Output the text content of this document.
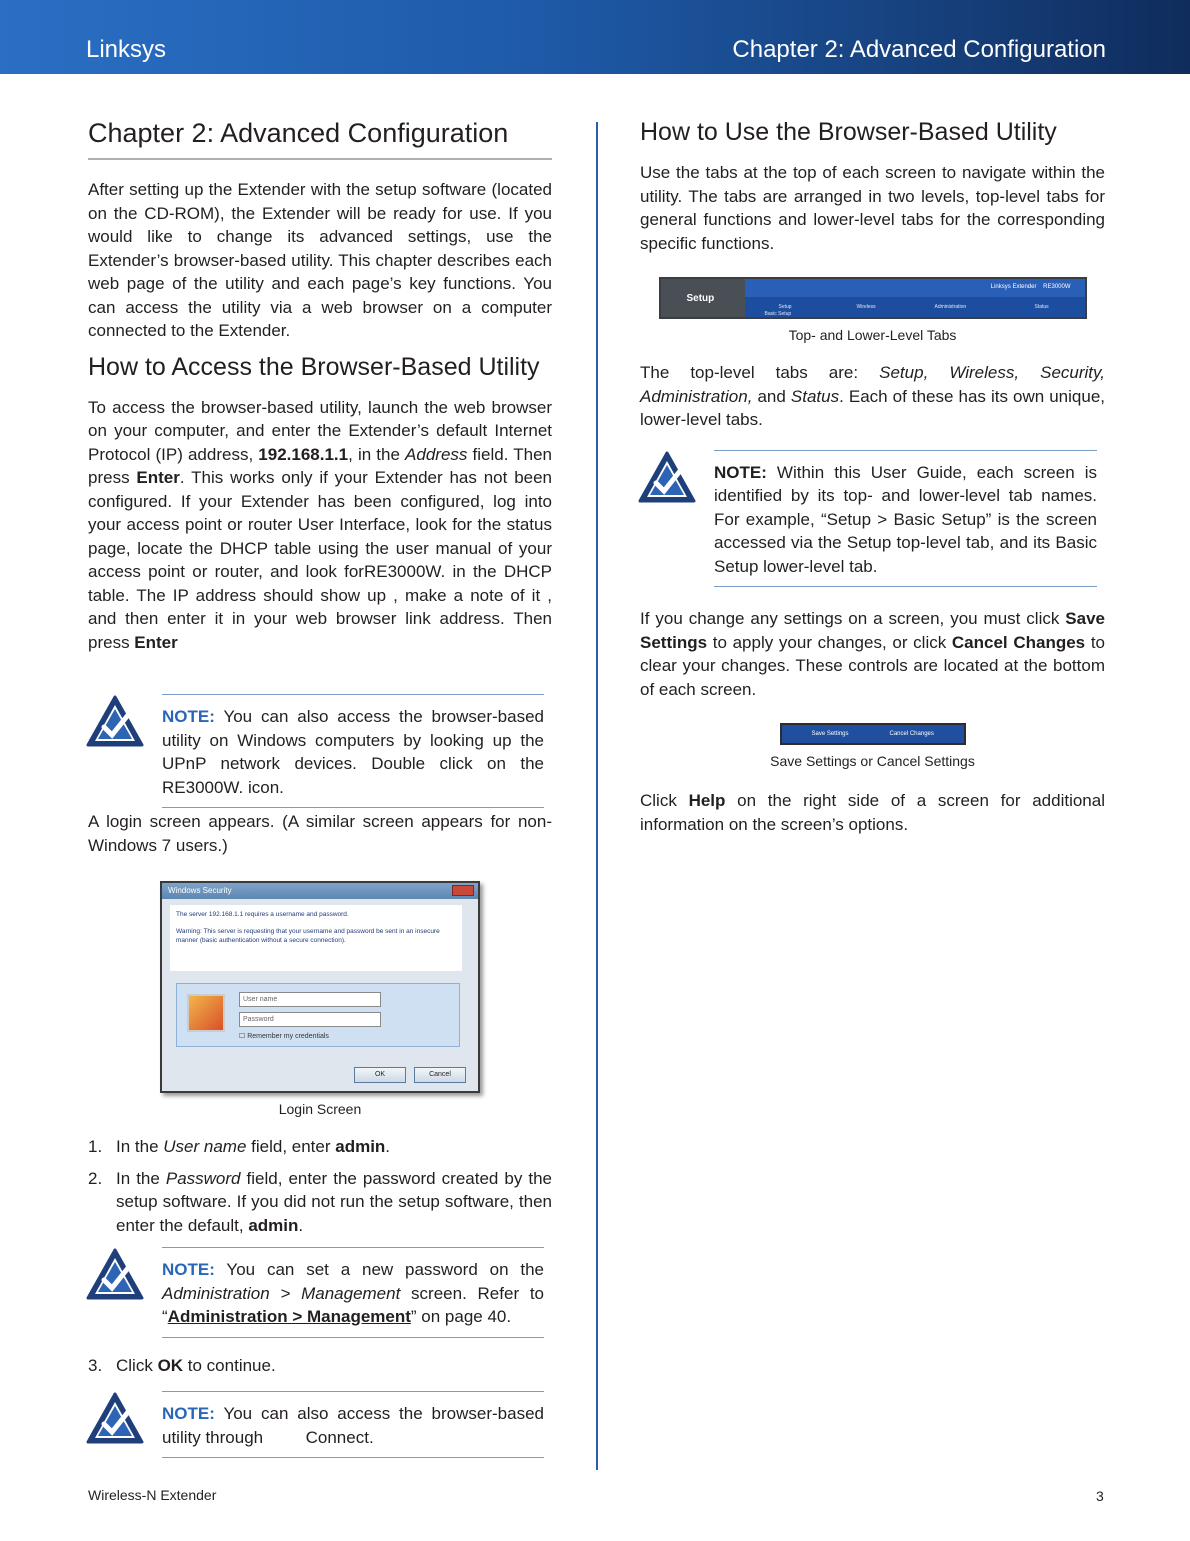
Linksys	Chapter 2: Advanced Configuration
Chapter 2: Advanced Configuration

After setting up the Extender with the setup software (located on the CD-ROM), the Extender will be ready for use. If you would like to change its advanced settings, use the Extender’s browser-based utility. This chapter describes each web page of the utility and each page’s key functions. You can access the utility via a web browser on a computer connected to the Extender.

How to Access the Browser-Based Utility

To access the browser-based utility, launch the web browser on your computer, and enter the Extender’s default Internet Protocol (IP) address, 192.168.1.1, in the Address field. Then press Enter. This works only if your Extender has not been configured. If your Extender has been configured, log into your access point or router User Interface, look for the status page, locate the DHCP table using the user manual of your access point or router, and look forRE3000W. in the DHCP table. The IP address should show up , make a note of it , and then enter it in your web browser link address. Then press Enter

NOTE: You can also access the browser-based utility on Windows computers by looking up the UPnP network devices. Double click on the RE3000W. icon.

A login screen appears. (A similar screen appears for non-Windows 7 users.)

Windows Security
The server 192.168.1.1 requires a username and password.
Warning: This server is requesting that your username and password be sent in an insecure manner (basic authentication without a secure connection).
User name
Password
☐ Remember my credentials
OK	Cancel
Login Screen
1. In the User name field, enter admin.
2. In the Password field, enter the password created by the setup software. If you did not run the setup software, then enter the default, admin.

NOTE: You can set a new password on the Administration > Management screen. Refer to “Administration > Management” on page 40.

3. Click OK to continue.

NOTE: You can also access the browser-based utility through         Connect.

How to Use the Browser-Based Utility

Use the tabs at the top of each screen to navigate within the utility. The tabs are arranged in two levels, top-level tabs for general functions and lower-level tabs for the corresponding specific functions.

Setup
Linksys Extender RE3000W
Setup	Wireless	Administration	Status
Basic Setup
Top- and Lower-Level Tabs

The top-level tabs are: Setup, Wireless, Security, Administration, and Status. Each of these has its own unique, lower-level tabs.

NOTE: Within this User Guide, each screen is identified by its top- and lower-level tab names. For example, “Setup > Basic Setup” is the screen accessed via the Setup top-level tab, and its Basic Setup lower-level tab.

If you change any settings on a screen, you must click Save Settings to apply your changes, or click Cancel Changes to clear your changes. These controls are located at the bottom of each screen.

Save Settings	Cancel Changes
Save Settings or Cancel Settings

Click Help on the right side of a screen for additional information on the screen’s options.

Wireless-N Extender	3
